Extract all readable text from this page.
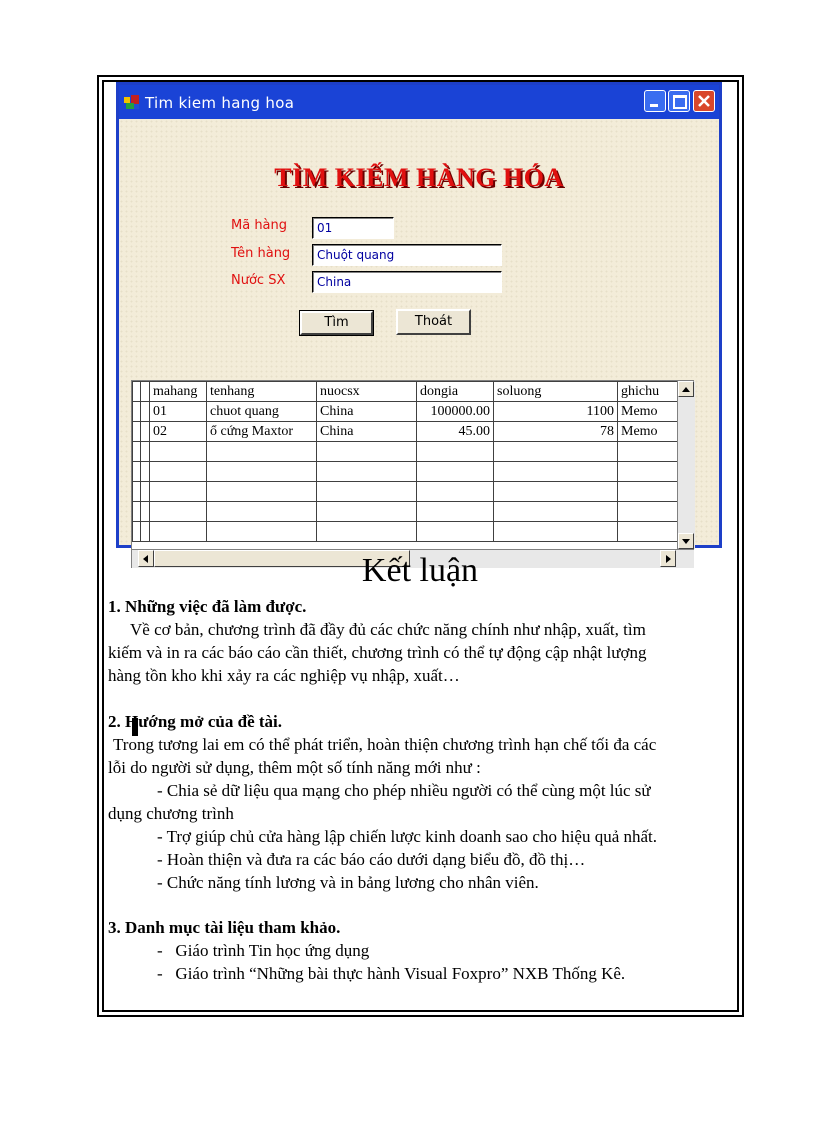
Tim kiem hang hoa
TÌM KIẾM HÀNG HÓA
Mã hàng	01
Tên hàng	Chuột quang
Nước SX	China
Tìm	Thoát
		mahang	tenhang	nuocsx	dongia	soluong	ghichu
		01	chuot quang	China	100000.00	1100	Memo
		02	ổ cứng Maxtor	China	45.00	78	Memo

Kết luận
1. Những việc đã làm được.
Về cơ bản, chương trình đã đầy đủ các chức năng chính như nhập, xuất, tìm
kiếm và in ra các báo cáo cần thiết, chương trình có thể tự động cập nhật lượng
hàng tồn kho khi xảy ra các nghiệp vụ nhập, xuất…
2. Hướng mở của đề tài.
Trong tương lai em có thể phát triển, hoàn thiện chương trình hạn chế tối đa các
lỗi do người sử dụng, thêm một số tính năng mới như :
- Chia sẻ dữ liệu qua mạng cho phép nhiều người có thể cùng một lúc sử
dụng chương trình
- Trợ giúp chủ cửa hàng lập chiến lược kinh doanh sao cho hiệu quả nhất.
- Hoàn thiện và đưa ra các báo cáo dưới dạng biểu đồ, đồ thị…
- Chức năng tính lương và in bảng lương cho nhân viên.
3. Danh mục tài liệu tham khảo.
-   Giáo trình Tin học ứng dụng
-   Giáo trình “Những bài thực hành Visual Foxpro” NXB Thống Kê.
